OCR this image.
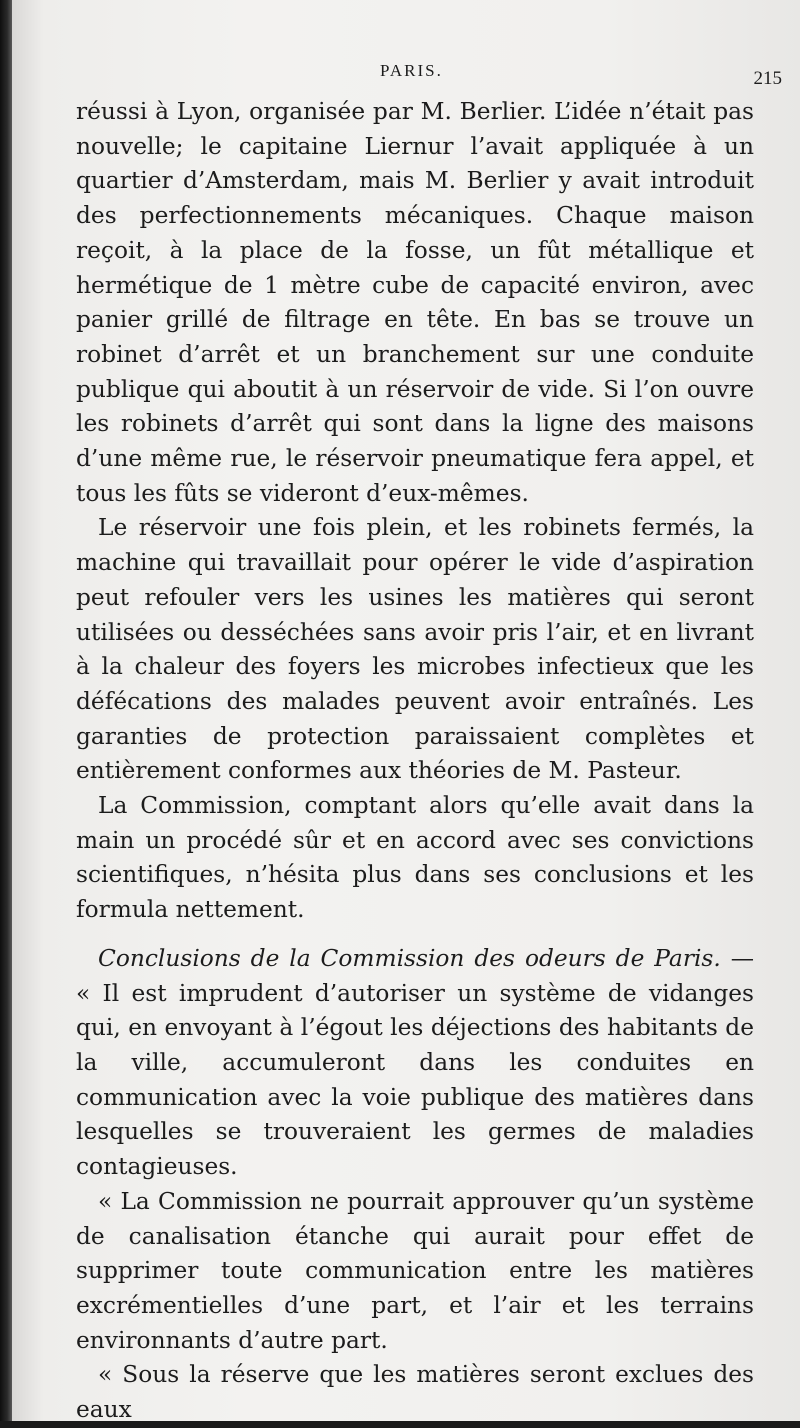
PARIS.	215

réussi à Lyon, organisée par M. Berlier. L’idée n’était pas nouvelle; le capitaine Liernur l’avait appliquée à un quartier d’Amsterdam, mais M. Berlier y avait introduit des perfectionnements mécaniques. Chaque maison reçoit, à la place de la fosse, un fût métallique et hermétique de 1 mètre cube de capacité environ, avec panier grillé de filtrage en tête. En bas se trouve un robinet d’arrêt et un branchement sur une conduite publique qui aboutit à un réservoir de vide. Si l’on ouvre les robinets d’arrêt qui sont dans la ligne des maisons d’une même rue, le réservoir pneumatique fera appel, et tous les fûts se videront d’eux-mêmes.

Le réservoir une fois plein, et les robinets fermés, la machine qui travaillait pour opérer le vide d’aspiration peut refouler vers les usines les matières qui seront utilisées ou desséchées sans avoir pris l’air, et en livrant à la chaleur des foyers les microbes infectieux que les défécations des malades peuvent avoir entraînés. Les garanties de protection paraissaient complètes et entièrement conformes aux théories de M. Pasteur.

La Commission, comptant alors qu’elle avait dans la main un procédé sûr et en accord avec ses convictions scientifiques, n’hésita plus dans ses conclusions et les formula nettement.

Conclusions de la Commission des odeurs de Paris. — « Il est imprudent d’autoriser un système de vidanges qui, en envoyant à l’égout les déjections des habitants de la ville, accumuleront dans les conduites en communication avec la voie publique des matières dans lesquelles se trouveraient les germes de maladies contagieuses.

« La Commission ne pourrait approuver qu’un système de canalisation étanche qui aurait pour effet de supprimer toute communication entre les matières excrémentielles d’une part, et l’air et les terrains environnants d’autre part.

« Sous la réserve que les matières seront exclues des eaux
